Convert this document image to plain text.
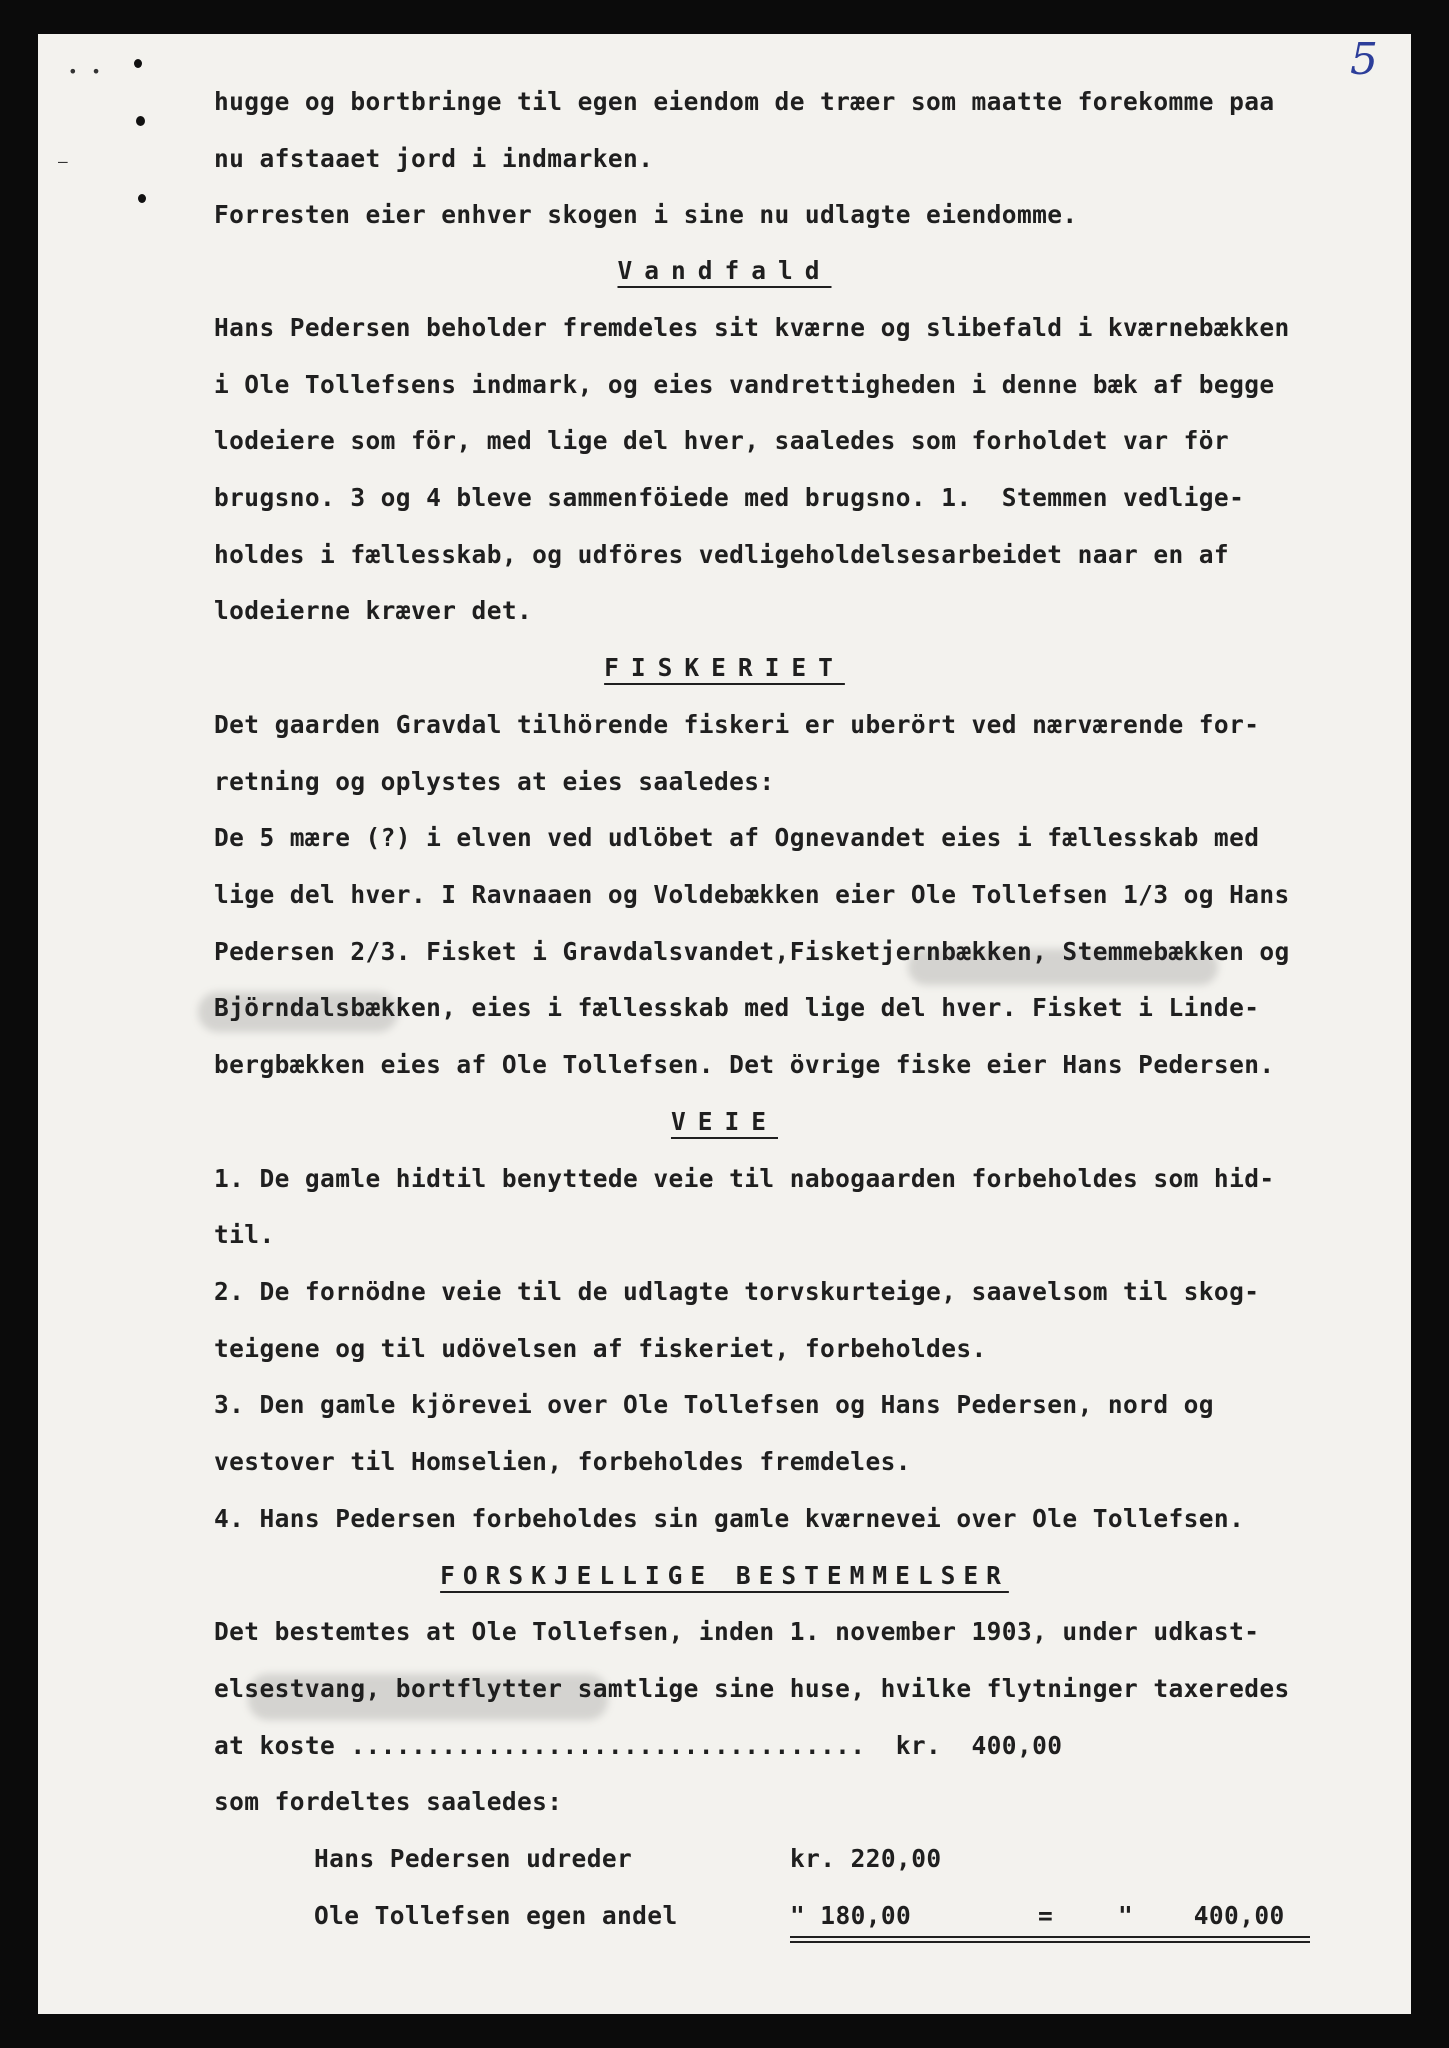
5
• •
—
hugge og bortbringe til egen eiendom de træer som maatte forekomme paa
nu afstaaet jord i indmarken.
Forresten eier enhver skogen i sine nu udlagte eiendomme.
Vandfald
Hans Pedersen beholder fremdeles sit kværne og slibefald i kværnebækken
i Ole Tollefsens indmark, og eies vandrettigheden i denne bæk af begge
lodeiere som för, med lige del hver, saaledes som forholdet var för
brugsno. 3 og 4 bleve sammenföiede med brugsno. 1.  Stemmen vedlige-
holdes i fællesskab, og udföres vedligeholdelsesarbeidet naar en af
lodeierne kræver det.
FISKERIET
Det gaarden Gravdal tilhörende fiskeri er uberört ved nærværende for-
retning og oplystes at eies saaledes:
De 5 mære (?) i elven ved udlöbet af Ognevandet eies i fællesskab med
lige del hver. I Ravnaaen og Voldebækken eier Ole Tollefsen 1/3 og Hans
Pedersen 2/3. Fisket i Gravdalsvandet,Fisketjernbækken, Stemmebækken og
Björndalsbækken, eies i fællesskab med lige del hver. Fisket i Linde-
bergbækken eies af Ole Tollefsen. Det övrige fiske eier Hans Pedersen.
VEIE
1. De gamle hidtil benyttede veie til nabogaarden forbeholdes som hid-
til.
2. De fornödne veie til de udlagte torvskurteige, saavelsom til skog-
teigene og til udövelsen af fiskeriet, forbeholdes.
3. Den gamle kjörevei over Ole Tollefsen og Hans Pedersen, nord og
vestover til Homselien, forbeholdes fremdeles.
4. Hans Pedersen forbeholdes sin gamle kværnevei over Ole Tollefsen.
FORSKJELLIGE BESTEMMELSER
Det bestemtes at Ole Tollefsen, inden 1. november 1903, under udkast-
elsestvang, bortflytter samtlige sine huse, hvilke flytninger taxeredes
at koste ..................................  kr.  400,00
som fordeltes saaledes:
Hans Pedersen udreder	kr. 220,00
Ole Tollefsen egen andel	" 180,00	=	"    400,00
